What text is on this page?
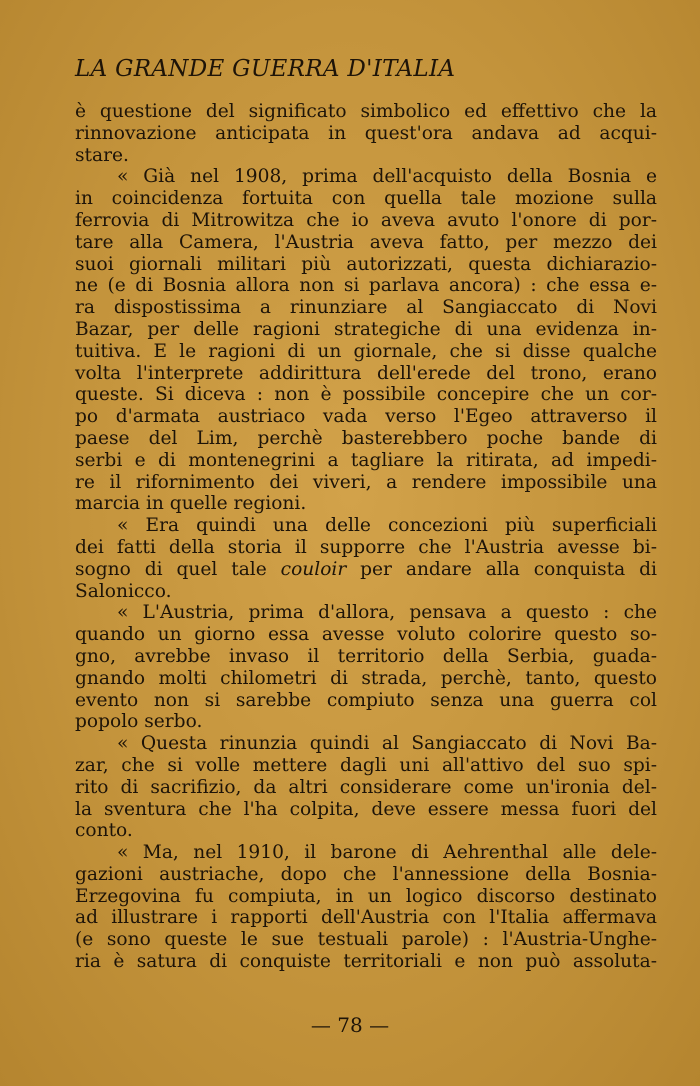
LA GRANDE GUERRA D'ITALIA
è questione del significato simbolico ed effettivo che la
rinnovazione anticipata in quest'ora andava ad acqui-
stare.
« Già nel 1908, prima dell'acquisto della Bosnia e
in coincidenza fortuita con quella tale mozione sulla
ferrovia di Mitrowitza che io aveva avuto l'onore di por-
tare alla Camera, l'Austria aveva fatto, per mezzo dei
suoi giornali militari più autorizzati, questa dichiarazio-
ne (e di Bosnia allora non si parlava ancora) : che essa e-
ra dispostissima a rinunziare al Sangiaccato di Novi
Bazar, per delle ragioni strategiche di una evidenza in-
tuitiva. E le ragioni di un giornale, che si disse qualche
volta l'interprete addirittura dell'erede del trono, erano
queste. Si diceva : non è possibile concepire che un cor-
po d'armata austriaco vada verso l'Egeo attraverso il
paese del Lim, perchè basterebbero poche bande di
serbi e di montenegrini a tagliare la ritirata, ad impedi-
re il rifornimento dei viveri, a rendere impossibile una
marcia in quelle regioni.
« Era quindi una delle concezioni più superficiali
dei fatti della storia il supporre che l'Austria avesse bi-
sogno di quel tale couloir per andare alla conquista di
Salonicco.
« L'Austria, prima d'allora, pensava a questo : che
quando un giorno essa avesse voluto colorire questo so-
gno, avrebbe invaso il territorio della Serbia, guada-
gnando molti chilometri di strada, perchè, tanto, questo
evento non si sarebbe compiuto senza una guerra col
popolo serbo.
« Questa rinunzia quindi al Sangiaccato di Novi Ba-
zar, che si volle mettere dagli uni all'attivo del suo spi-
rito di sacrifizio, da altri considerare come un'ironia del-
la sventura che l'ha colpita, deve essere messa fuori del
conto.
« Ma, nel 1910, il barone di Aehrenthal alle dele-
gazioni austriache, dopo che l'annessione della Bosnia-
Erzegovina fu compiuta, in un logico discorso destinato
ad illustrare i rapporti dell'Austria con l'Italia affermava
(e sono queste le sue testuali parole) : l'Austria-Unghe-
ria è satura di conquiste territoriali e non può assoluta-
— 78 —
